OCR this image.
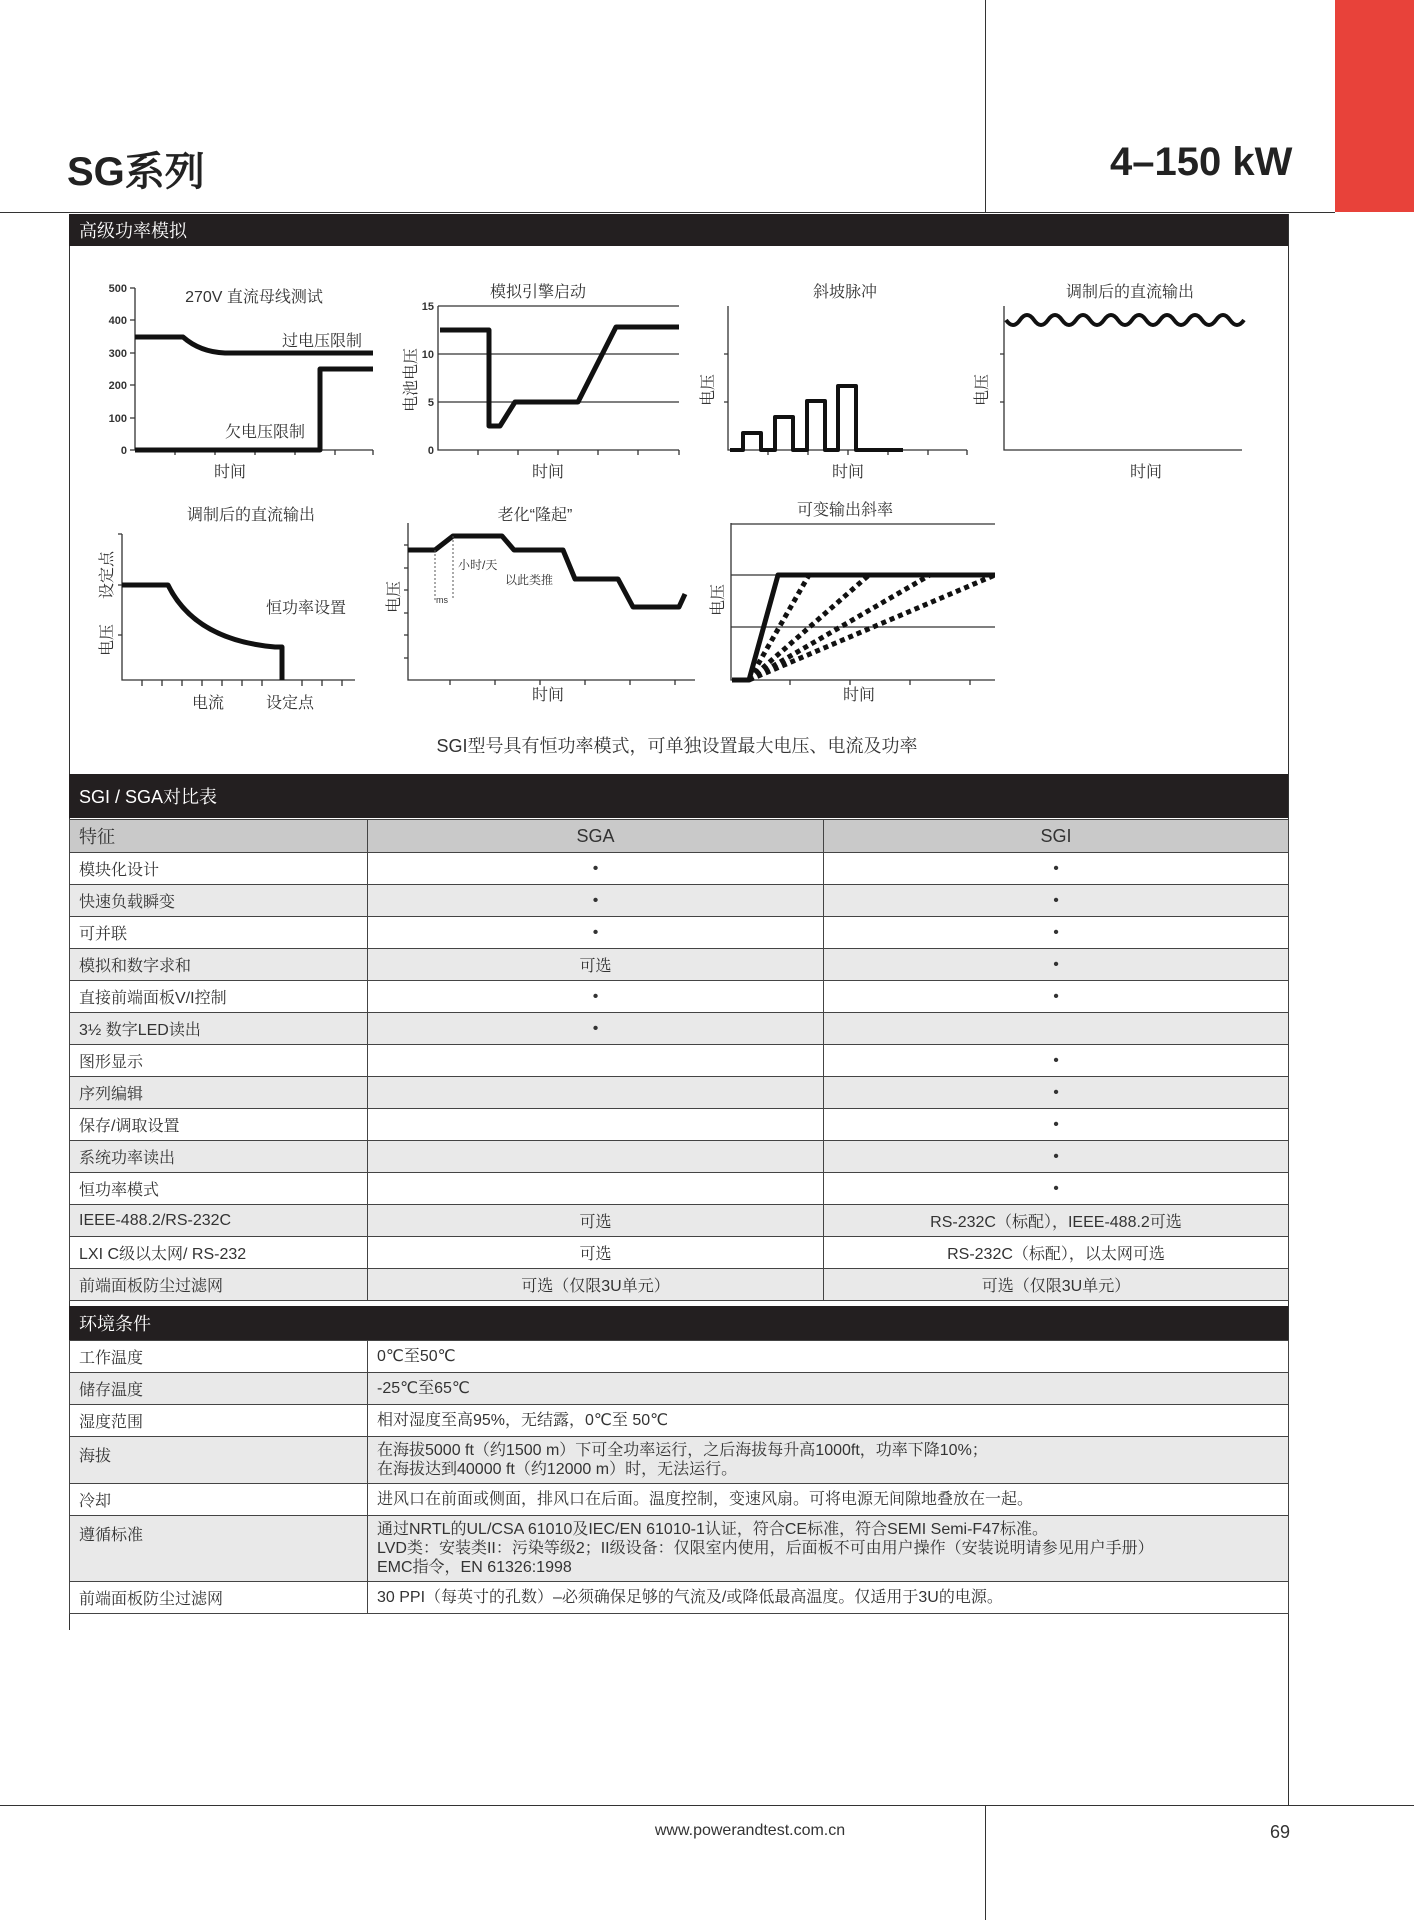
SG系列	4–150 kW
高级功率模拟
500
400
300
200
100
0
15
10
5
0
270V 直流母线测试
过电压限制
欠电压限制
时间
模拟引擎启动
时间
电池电压
斜坡脉冲
时间
电压
调制后的直流输出
时间
电压
调制后的直流输出
恒功率设置
电流	设定点
设定点
电压
老化“隆起”
时间
电压
可变输出斜率
时间
电压
SGI型号具有恒功率模式，可单独设置最大电压、电流及功率
小时/天
以此类推
ms
SGI / SGA对比表
特征	SGA	SGI
模块化设计	•	•
快速负载瞬变	•	•
可并联	•	•
模拟和数字求和	可选	•
直接前端面板V/I控制	•	•
3½ 数字LED读出	•	
图形显示		•
序列编辑		•
保存/调取设置		•
系统功率读出		•
恒功率模式		•
IEEE-488.2/RS-232C	可选	RS-232C（标配），IEEE-488.2可选
LXI C级以太网/ RS-232	可选	RS-232C（标配），以太网可选
前端面板防尘过滤网	可选（仅限3U单元）	可选（仅限3U单元）
环境条件
工作温度	0℃至50℃

储存温度	-25℃至65℃

湿度范围	相对湿度至高95%，无结露，0℃至 50℃

海拔	在海拔5000 ft（约1500 m）下可全功率运行，之后海拔每升高1000ft，功率下降10%；
在海拔达到40000 ft（约12000 m）时，无法运行。

冷却	进风口在前面或侧面，排风口在后面。温度控制，变速风扇。可将电源无间隙地叠放在一起。

遵循标准	通过NRTL的UL/CSA 61010及IEC/EN 61010-1认证，符合CE标准，符合SEMI Semi-F47标准。
LVD类：安装类II：污染等级2；II级设备：仅限室内使用，后面板不可由用户操作（安装说明请参见用户手册）
EMC指令，EN 61326:1998

前端面板防尘过滤网	30 PPI（每英寸的孔数）–必须确保足够的气流及/或降低最高温度。仅适用于3U的电源。
www.powerandtest.com.cn	69
